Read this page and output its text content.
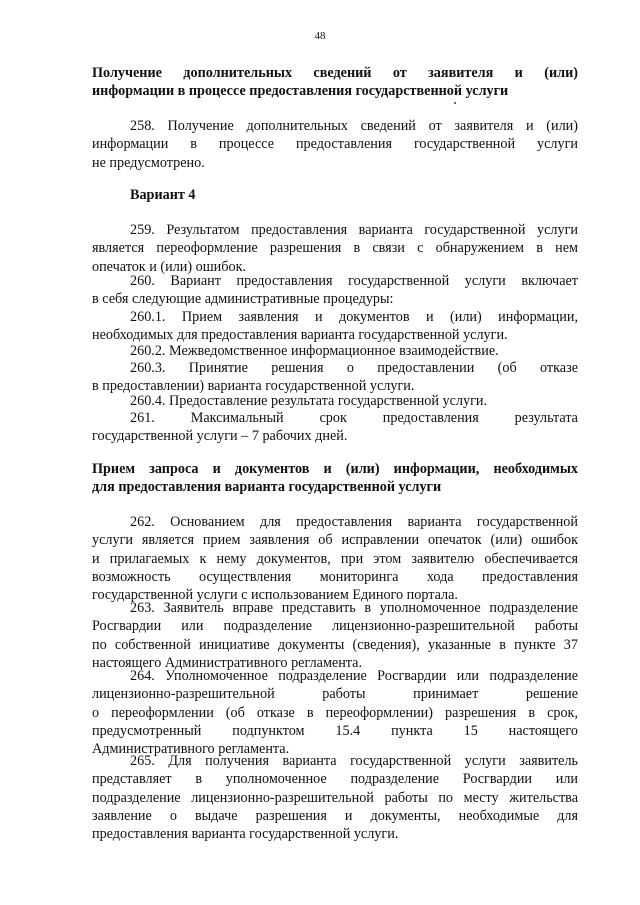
48
Получение дополнительных сведений от заявителя и (или)
информации в процессе предоставления государственной услуги
258. Получение дополнительных сведений от заявителя и (или)
информации в процессе предоставления государственной услуги
не предусмотрено.
Вариант 4
259. Результатом предоставления варианта государственной услуги
является переоформление разрешения в связи с обнаружением в нем
опечаток и (или) ошибок.
260. Вариант предоставления государственной услуги включает
в себя следующие административные процедуры:
260.1. Прием заявления и документов и (или) информации,
необходимых для предоставления варианта государственной услуги.
260.2. Межведомственное информационное взаимодействие.
260.3. Принятие решения о предоставлении (об отказе
в предоставлении) варианта государственной услуги.
260.4. Предоставление результата государственной услуги.
261. Максимальный срок предоставления результата
государственной услуги – 7 рабочих дней.
Прием запроса и документов и (или) информации, необходимых
для предоставления варианта государственной услуги
262. Основанием для предоставления варианта государственной
услуги является прием заявления об исправлении опечаток (или) ошибок
и прилагаемых к нему документов, при этом заявителю обеспечивается
возможность осуществления мониторинга хода предоставления
государственной услуги с использованием Единого портала.
263. Заявитель вправе представить в уполномоченное подразделение
Росгвардии или подразделение лицензионно-разрешительной работы
по собственной инициативе документы (сведения), указанные в пункте 37
настоящего Административного регламента.
264. Уполномоченное подразделение Росгвардии или подразделение
лицензионно-разрешительной работы принимает решение
о переоформлении (об отказе в переоформлении) разрешения в срок,
предусмотренный подпунктом 15.4 пункта 15 настоящего
Административного регламента.
265. Для получения варианта государственной услуги заявитель
представляет в уполномоченное подразделение Росгвардии или
подразделение лицензионно-разрешительной работы по месту жительства
заявление о выдаче разрешения и документы, необходимые для
предоставления варианта государственной услуги.
